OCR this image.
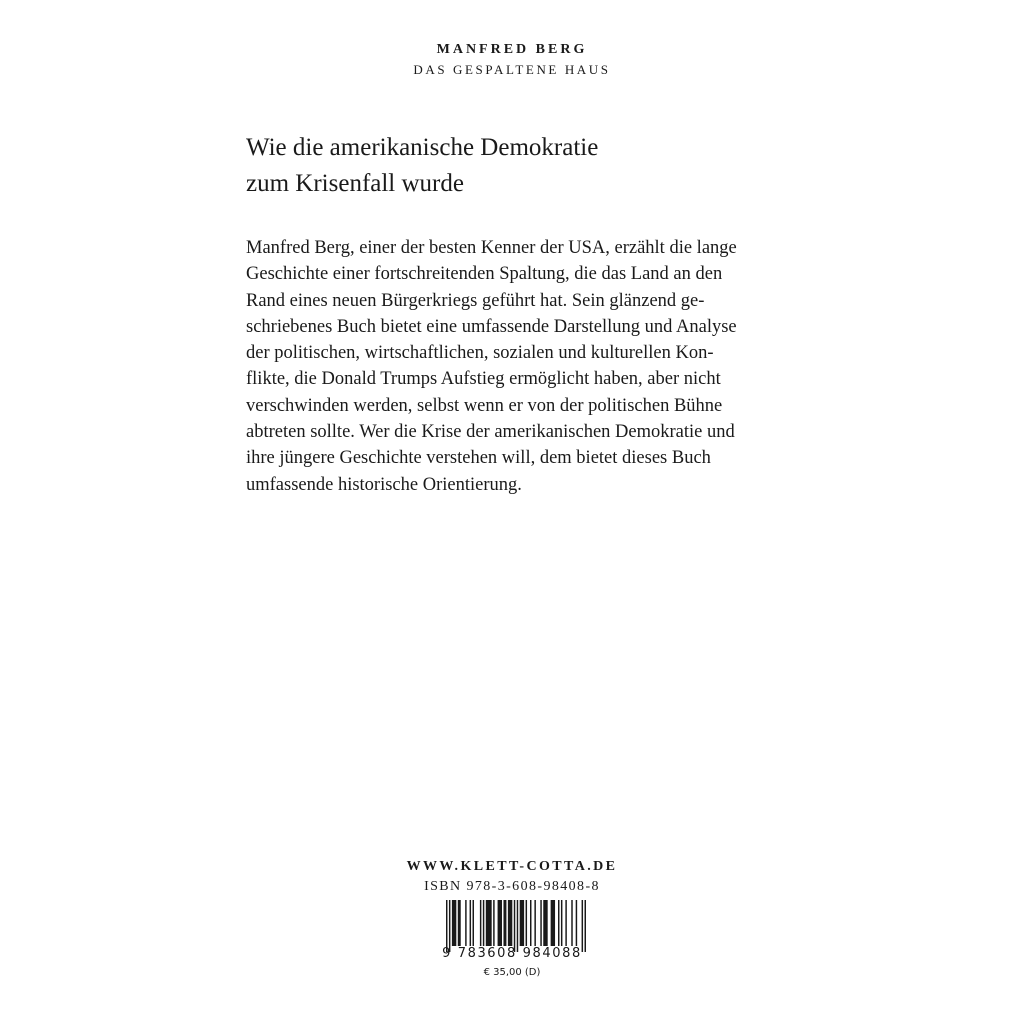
MANFRED BERG
DAS GESPALTENE HAUS
Wie die amerikanische Demokratie
zum Krisenfall wurde
Manfred Berg, einer der besten Kenner der USA, erzählt die lange
Geschichte einer fortschreitenden Spaltung, die das Land an den
Rand eines neuen Bürgerkriegs geführt hat. Sein glänzend ge-
schriebenes Buch bietet eine umfassende Darstellung und Analyse
der politischen, wirtschaftlichen, sozialen und kulturellen Kon-
flikte, die Donald Trumps Aufstieg ermöglicht haben, aber nicht
verschwinden werden, selbst wenn er von der politischen Bühne
abtreten sollte. Wer die Krise der amerikanischen Demokratie und
ihre jüngere Geschichte verstehen will, dem bietet dieses Buch
umfassende historische Orientierung.
WWW.KLETT-COTTA.DE
ISBN 978-3-608-98408-8
9 783608 984088
€ 35,00 (D)
